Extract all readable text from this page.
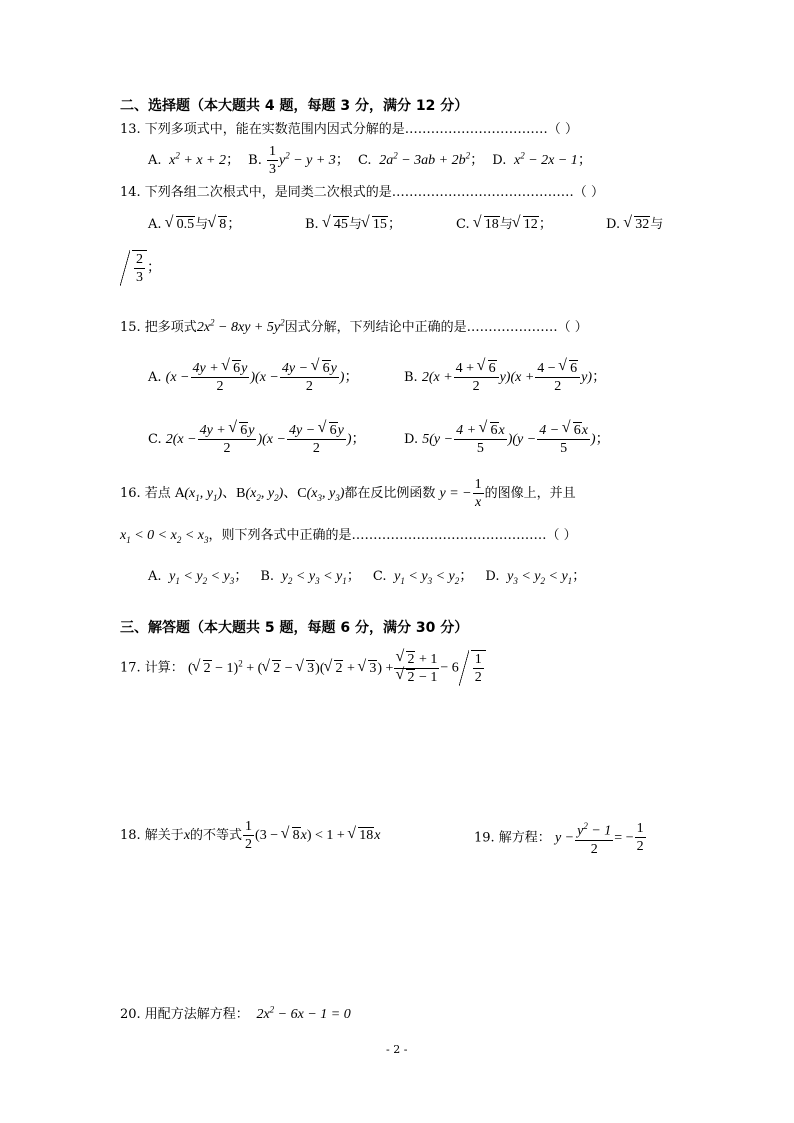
二、选择题（本大题共 4 题，每题 3 分，满分 12 分）
13. 下列多项式中，能在实数范围内因式分解的是……………………………（ ）
A.  $x^2 + x + 2$； B. $\frac{1}{3} y^2 - y + 3$； C.  $2a^2 - 3ab + 2b^2$； D.  $x^2 - 2x - 1$；
14. 下列各组二次根式中，是同类二次根式的是……………………………………（ ）
A. √ 0.5与 √ 8；	B. √ 45与 √ 15；	C. √ 18与 √ 12；	D. √ 32与
$\frac{2}{3}$ ；
15. 把多项式$2x^2 - 8xy + 5y^2$因式分解，下列结论中正确的是…………………（ ）
A. $(x - \frac{4y + √ 6y}{2} )(x - \frac{4y - √ 6y}{2}$ )；	B. $2(x + \frac{4 + √ 6}{2} y)(x + \frac{4 - √ 6}{2} y)$；
C. $2(x - \frac{4y + √ 6y}{2} )(x - \frac{4y - √ 6y}{2}$ )；	D. $5(y - \frac{4 + √ 6x}{5} )(y - \frac{4 - √ 6x}{5}$ )；
16. 若点 $A(x_1$, $y_1$)、$B(x_2$, $y_2$)、$C(x_3$, $y_3$)都在反比例函数 y = − $\frac{1}{x}$ 的图像上，并且
$x_1 < 0 < x_2 < x_3$，则下列各式中正确的是………………………………………（ ）
A.  $y_1 < y_2 < y_3$； B.  $y_2 < y_3 < y_1$； C.  $y_1 < y_3 < y_2$； D.  $y_3 < y_2 < y_1$；
三、解答题（本大题共 5 题，每题 6 分，满分 30 分）
17. 计算： ( √ 2 − 1)$^2$ + ( √ 2 − √ 3)( √ 2 + √ 3) + √ 2 + 1
√ $2 - 1 - 6 \frac{1}{2}$
18. 解关于x的不等式 $\frac{1}{2} (3$ − √ 8x) < 1 + √ 18x	19. 解方程： $y - \frac{y^2 - 1}{2}$ = − $\frac{1}{2}$
20. 用配方法解方程：  $2x^2 - 6x - 1 = 0$
- 2 -
